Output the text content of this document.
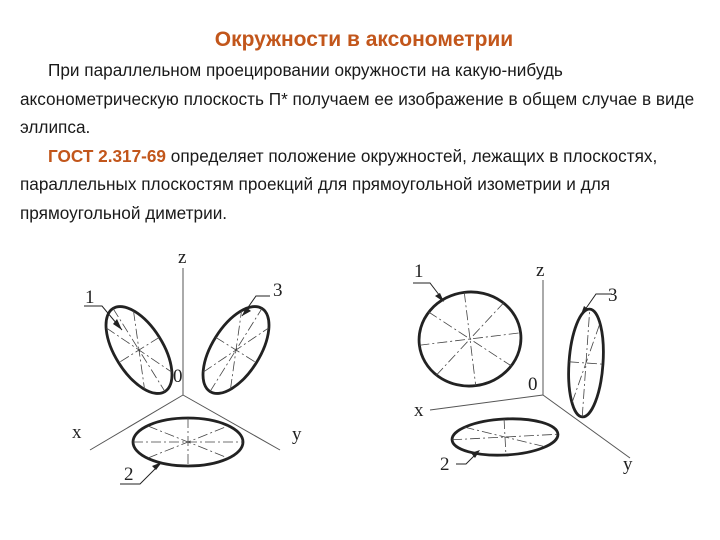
Окружности в аксонометрии

При параллельном проецировании окружности на какую-нибудь аксонометрическую плоскость П* получаем ее изображение в общем случае в виде эллипса.

ГОСТ 2.317-69 определяет положение окружностей, лежащих в плоскостях, параллельных плоскостям проекций для прямоугольной изометрии и для прямоугольной диметрии.

z
x	y
0
1	3
2
z
x
y
0
1
3
2
